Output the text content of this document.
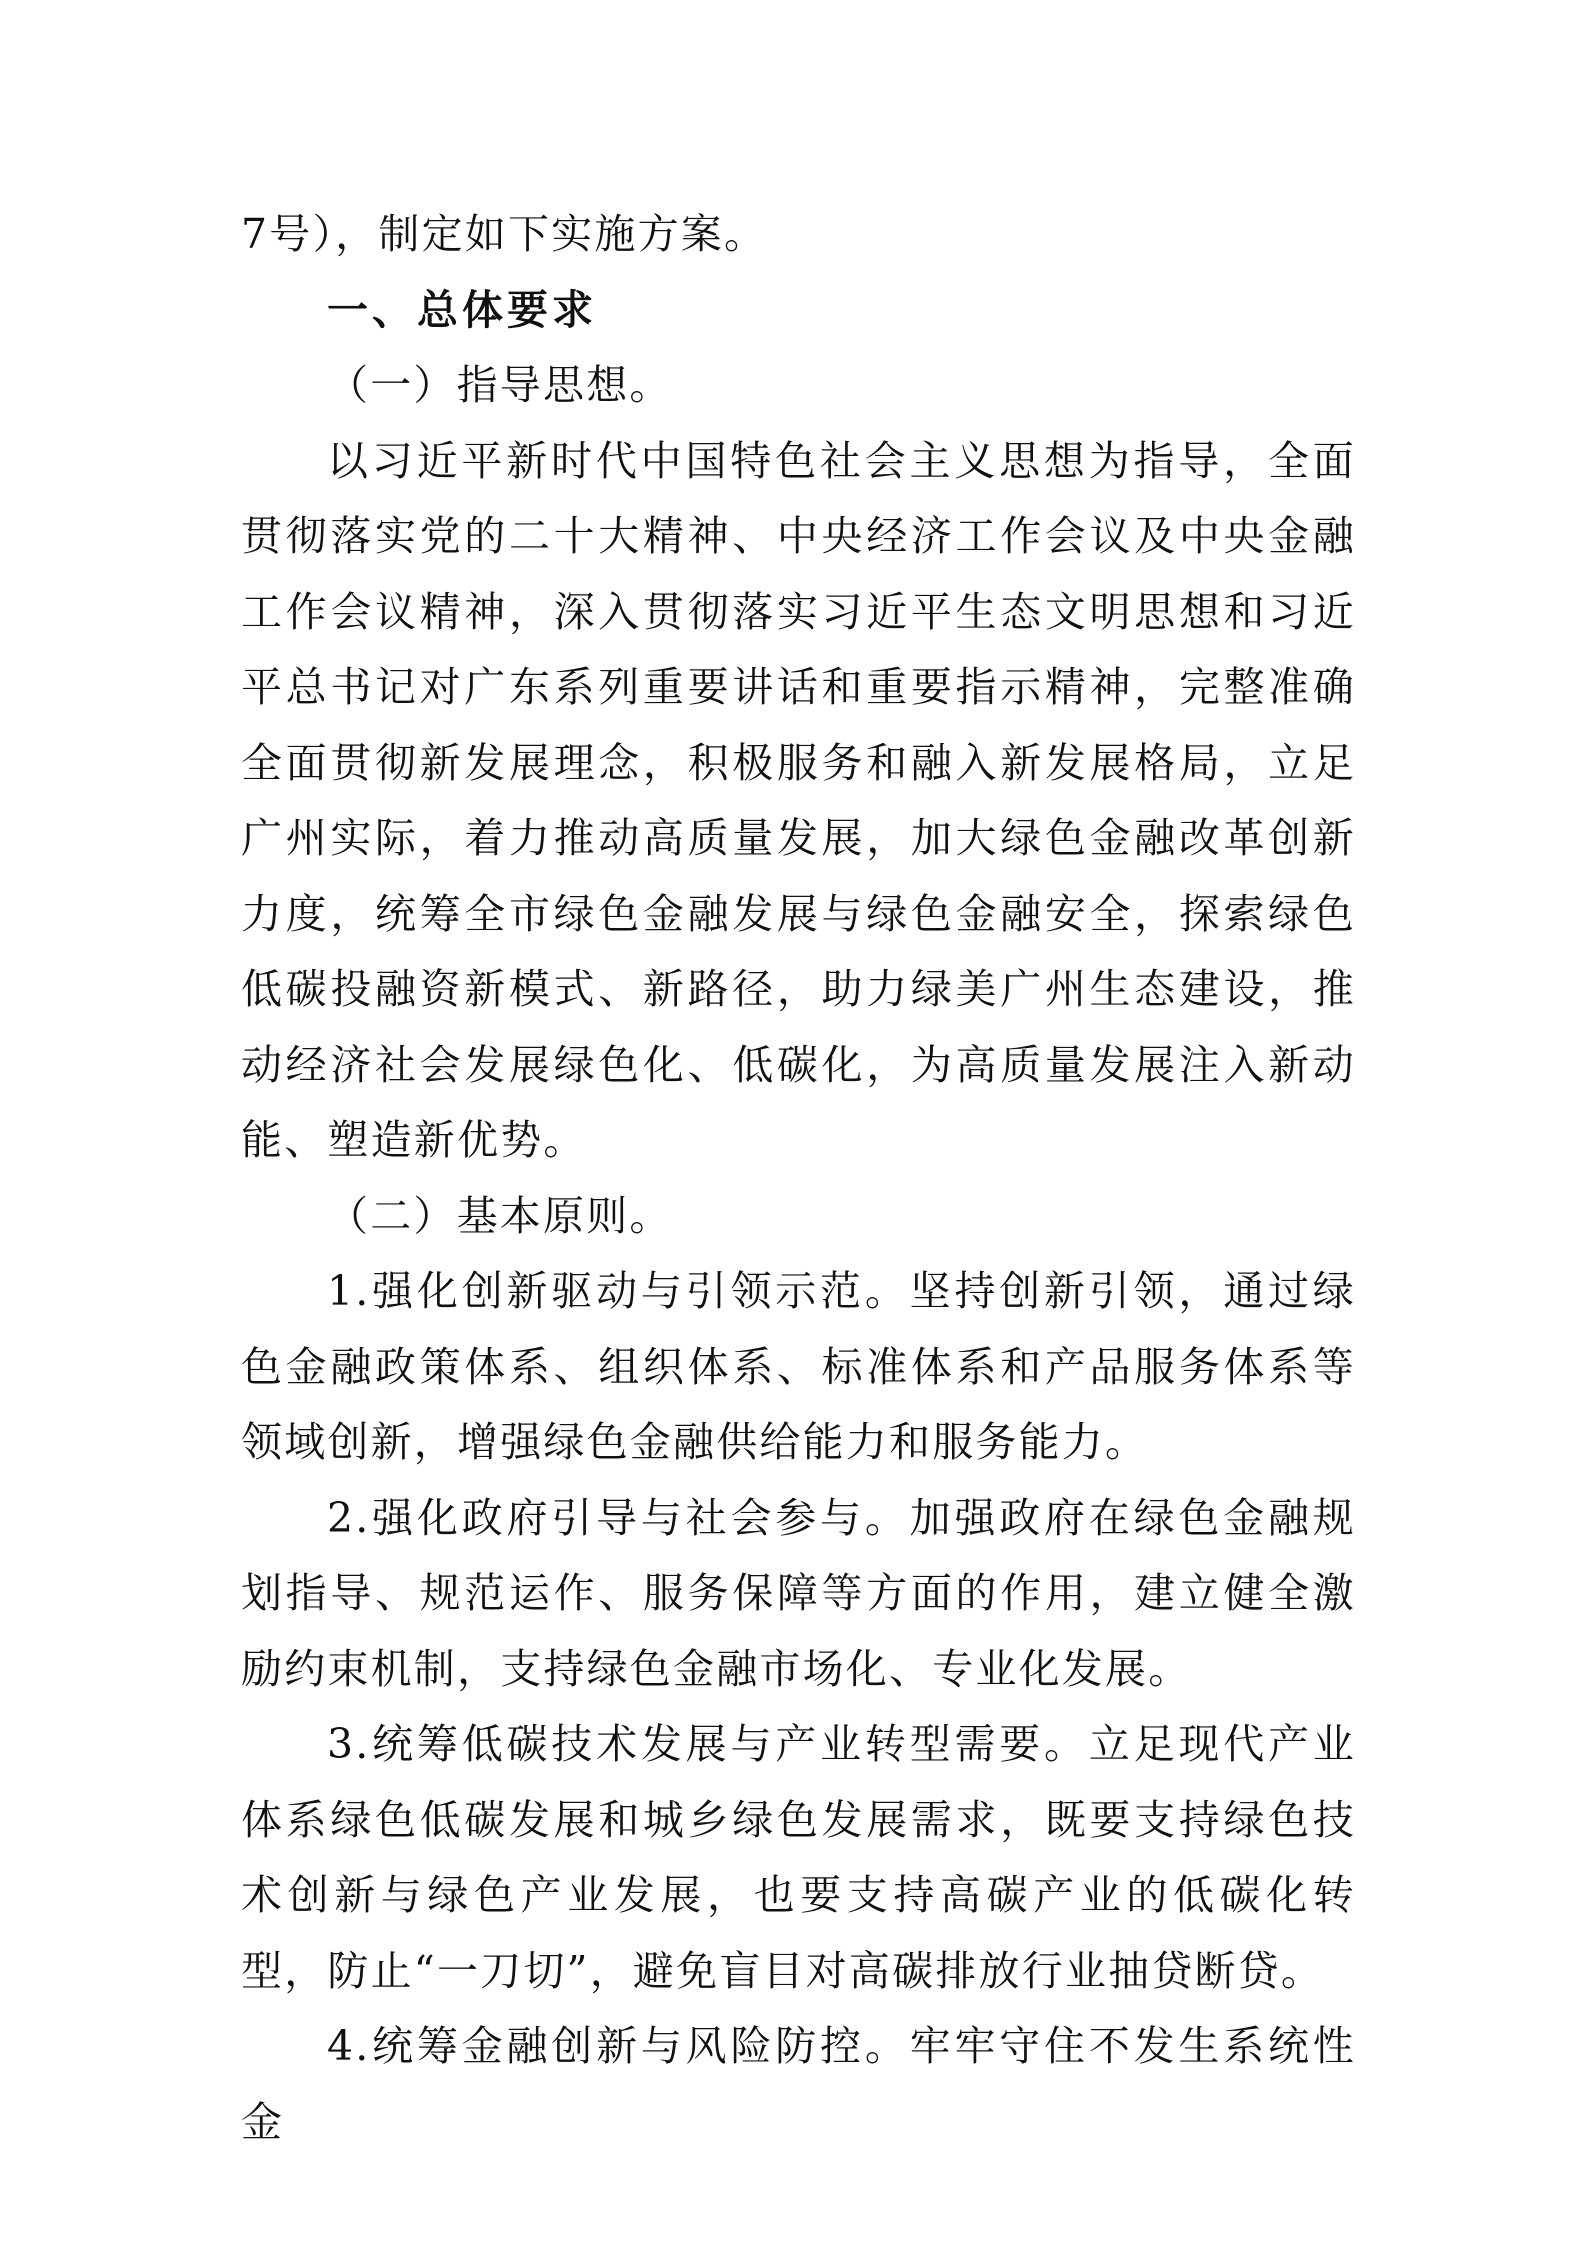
7号），制定如下实施方案。

一、总体要求

（一）指导思想。

以习近平新时代中国特色社会主义思想为指导，全面贯彻落实党的二十大精神、中央经济工作会议及中央金融工作会议精神，深入贯彻落实习近平生态文明思想和习近平总书记对广东系列重要讲话和重要指示精神，完整准确全面贯彻新发展理念，积极服务和融入新发展格局，立足广州实际，着力推动高质量发展，加大绿色金融改革创新力度，统筹全市绿色金融发展与绿色金融安全，探索绿色低碳投融资新模式、新路径，助力绿美广州生态建设，推动经济社会发展绿色化、低碳化，为高质量发展注入新动能、塑造新优势。

（二）基本原则。

1.强化创新驱动与引领示范。坚持创新引领，通过绿色金融政策体系、组织体系、标准体系和产品服务体系等领域创新，增强绿色金融供给能力和服务能力。

2.强化政府引导与社会参与。加强政府在绿色金融规划指导、规范运作、服务保障等方面的作用，建立健全激励约束机制，支持绿色金融市场化、专业化发展。

3.统筹低碳技术发展与产业转型需要。立足现代产业体系绿色低碳发展和城乡绿色发展需求，既要支持绿色技术创新与绿色产业发展，也要支持高碳产业的低碳化转型，防止“一刀切”，避免盲目对高碳排放行业抽贷断贷。

4.统筹金融创新与风险防控。牢牢守住不发生系统性金
